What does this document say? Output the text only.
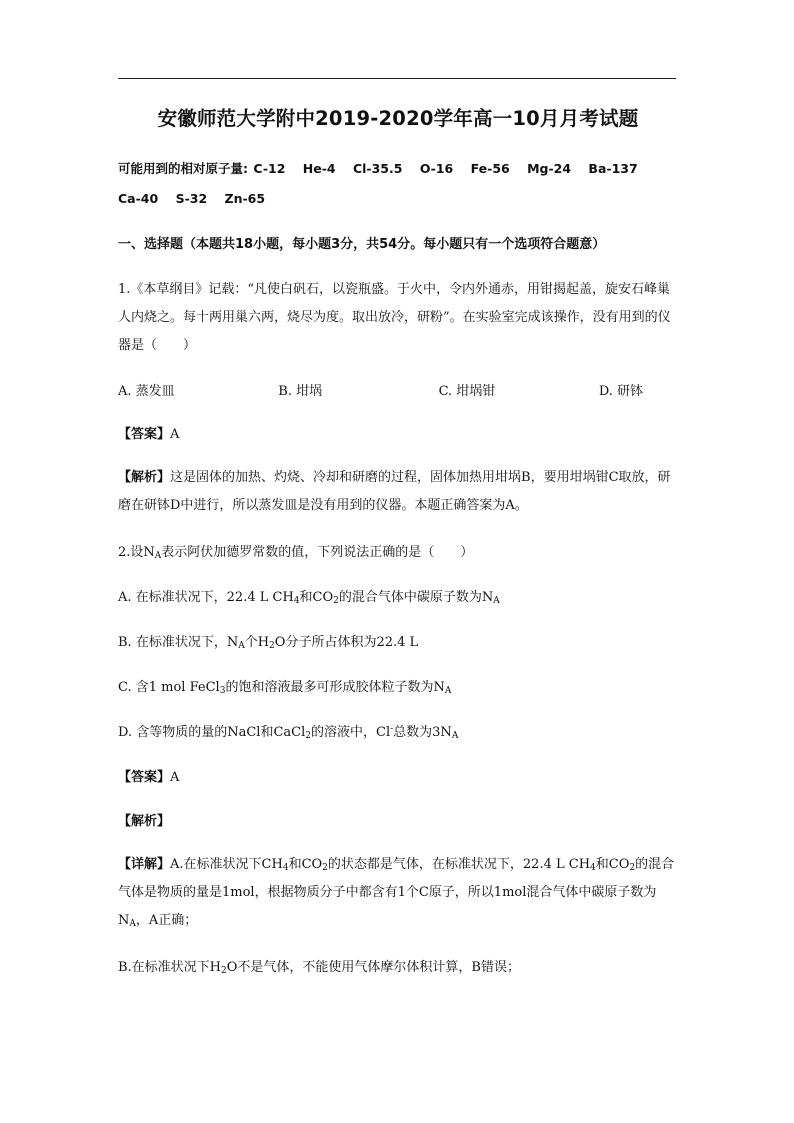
安徽师范大学附中2019-2020学年高一10月月考试题
可能用到的相对原子量: C-12 He-4 Cl-35.5 O-16 Fe-56 Mg-24 Ba-137 Ca-40 S-32 Zn-65
一、选择题（本题共18小题，每小题3分，共54分。每小题只有一个选项符合题意）
1.《本草纲目》记载：“凡使白矾石，以瓷瓶盛。于火中，令内外通赤，用钳揭起盖，旋安石峰巢人内烧之。每十两用巢六两，烧尽为度。取出放冷，研粉”。在实验室完成该操作，没有用到的仪器是（　　）
A. 蒸发皿	B. 坩埚	C. 坩埚钳	D. 研钵
【答案】A
【解析】这是固体的加热、灼烧、冷却和研磨的过程，固体加热用坩埚B，要用坩埚钳C取放，研磨在研钵D中进行，所以蒸发皿是没有用到的仪器。本题正确答案为A。
2.设$N_A$表示阿伏加德罗常数的值，下列说法正确的是（　　）
A. 在标准状况下，22.4 L $CH_4$和$CO_2$的混合气体中碳原子数为$N_A$
B. 在标准状况下，$N_A$个$H_2O$分子所占体积为22.4 L
C. 含1 mol FeCl$_3$的饱和溶液最多可形成胶体粒子数为$N_A$
D. 含等物质的量的NaCl和CaCl$_2$的溶液中，Cl-总数为$3N_A$
【答案】A
【解析】
【详解】A.在标准状况下$CH_4$和$CO_2$的状态都是气体，在标准状况下，22.4 L $CH_4$和$CO_2$的混合气体是物质的量是1mol，根据物质分子中都含有1个C原子，所以1mol混合气体中碳原子数为$N_A$，A正确；
B.在标准状况下$H_2O$不是气体，不能使用气体摩尔体积计算，B错误；
